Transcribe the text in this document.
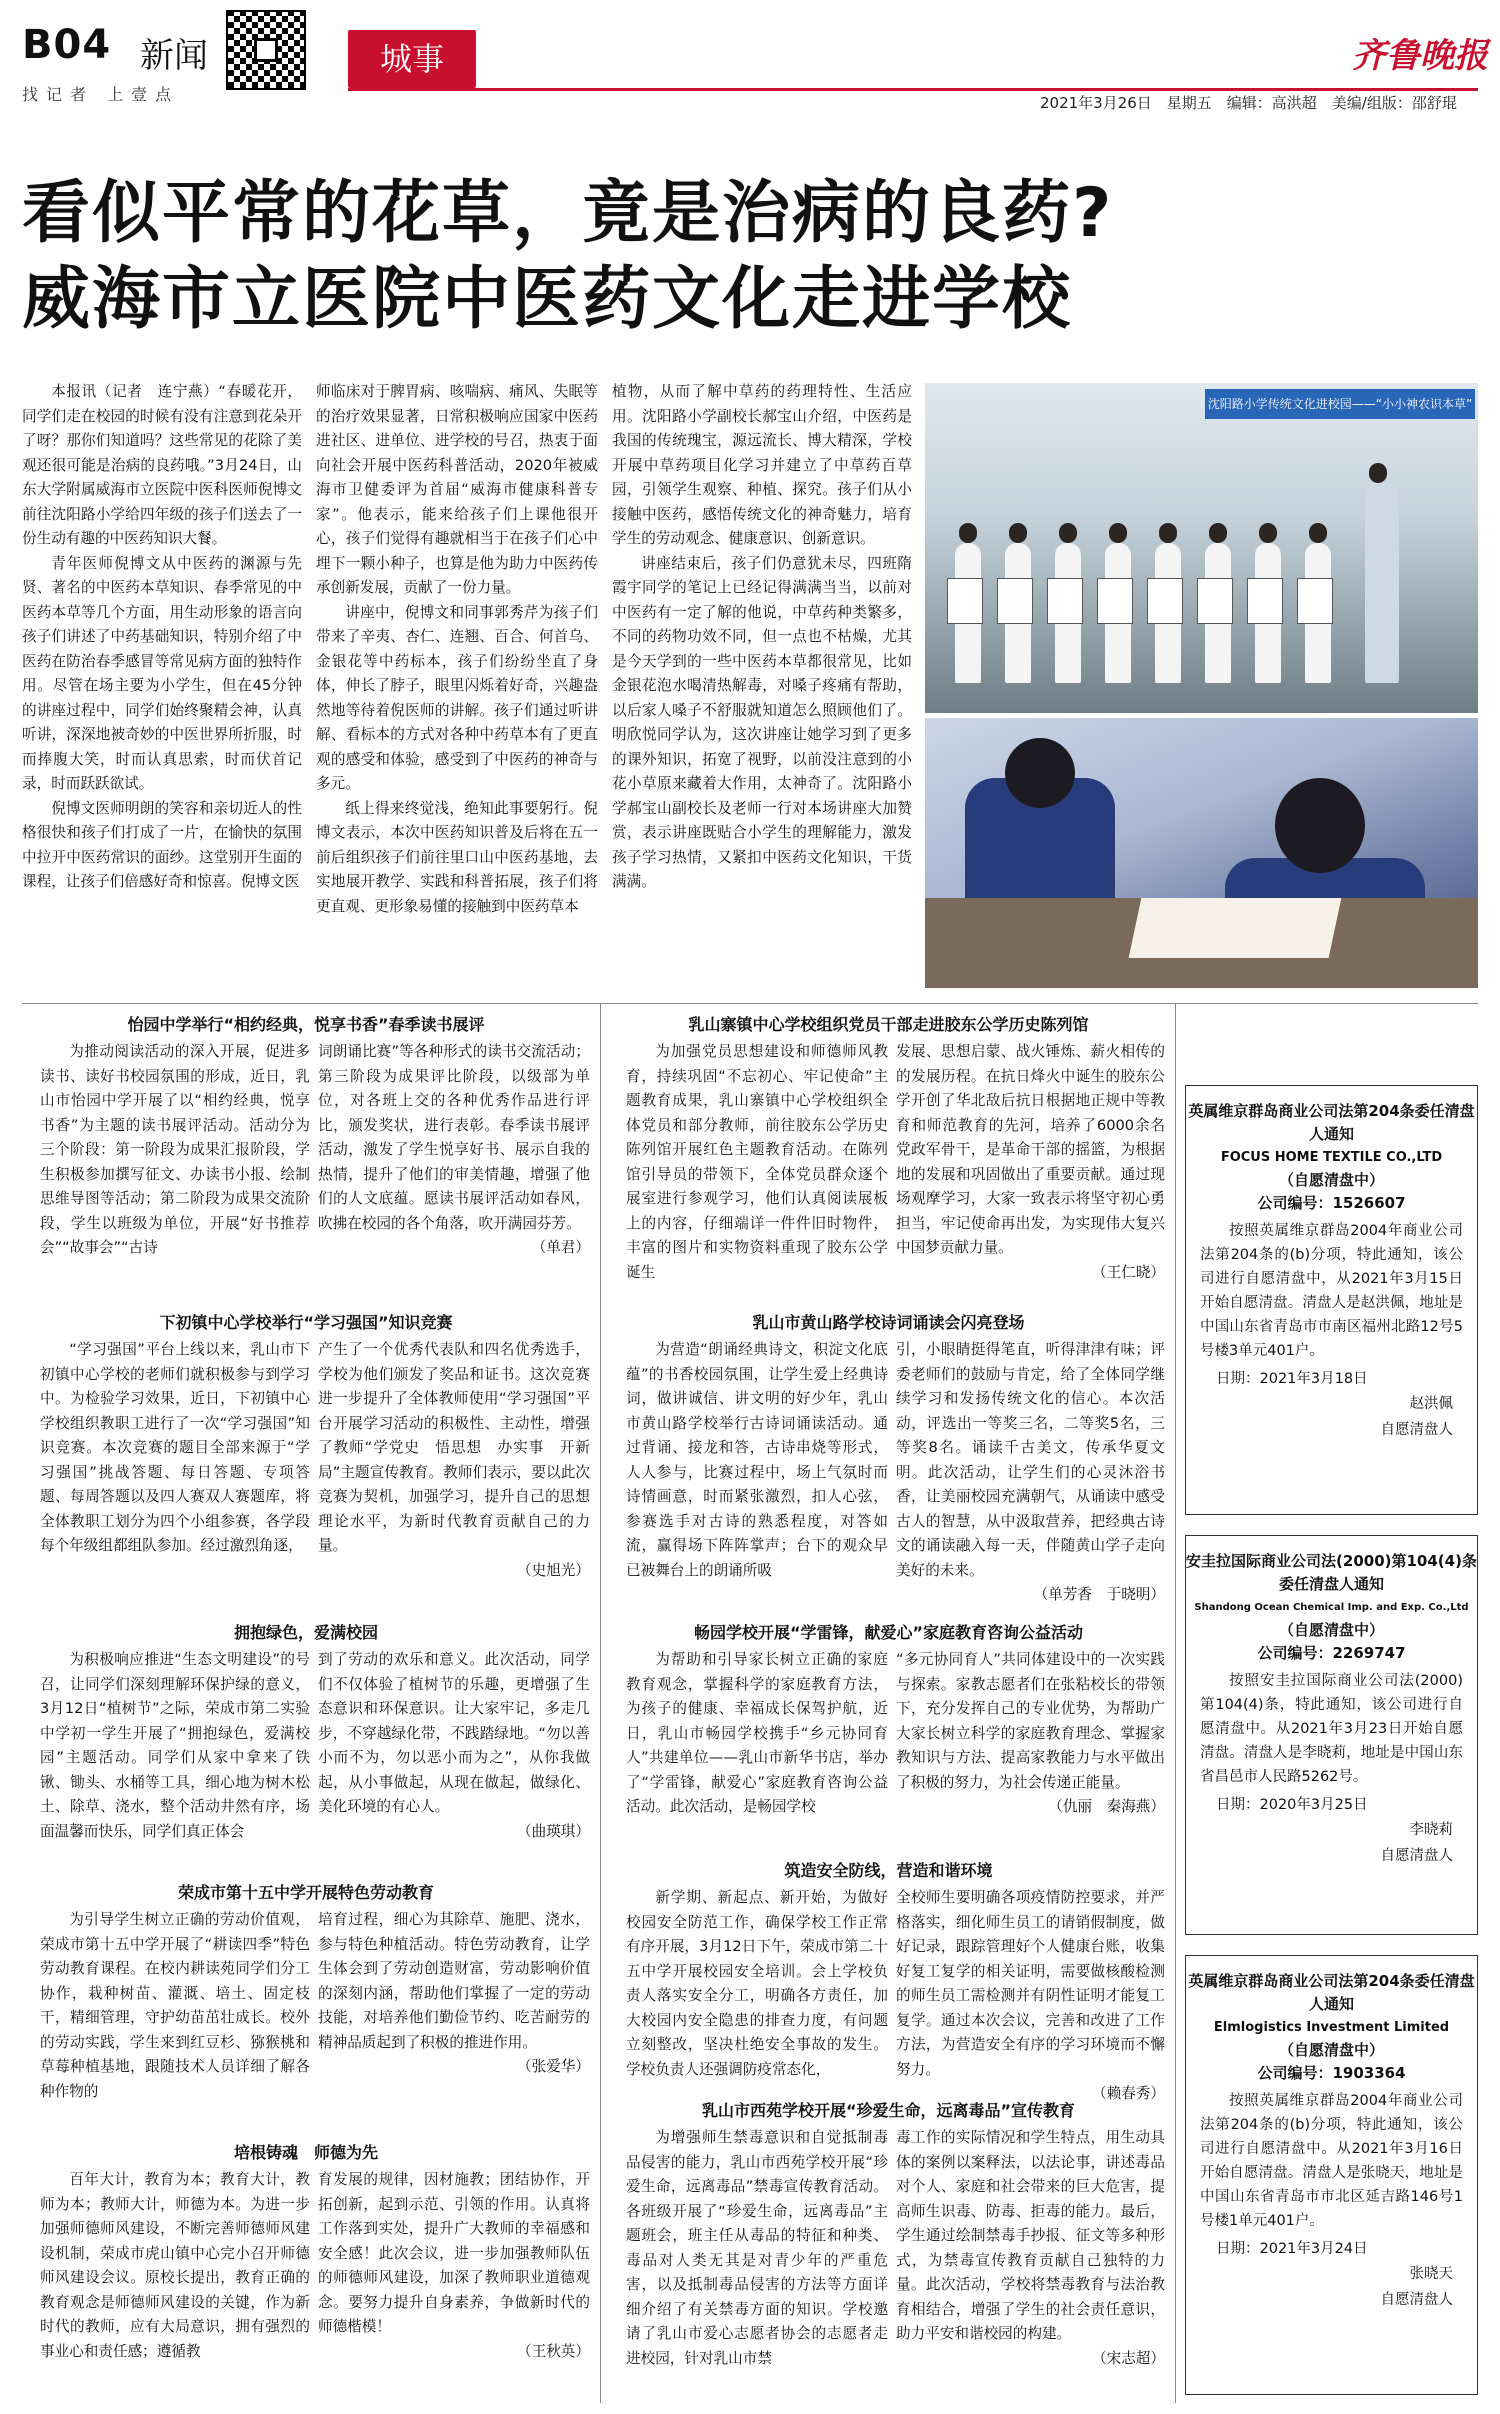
B04 新闻
找记者 上壹点
城事	齐鲁晚报
2021年3月26日　星期五　编辑：高洪超　美编/组版：邵舒琨
看似平常的花草，竟是治病的良药?
威海市立医院中医药文化走进学校

本报讯（记者　连宁燕）“春暖花开，同学们走在校园的时候有没有注意到花朵开了呀？那你们知道吗？这些常见的花除了美观还很可能是治病的良药哦。”3月24日，山东大学附属威海市立医院中医科医师倪博文前往沈阳路小学给四年级的孩子们送去了一份生动有趣的中医药知识大餐。

青年医师倪博文从中医药的渊源与先贤、著名的中医药本草知识、春季常见的中医药本草等几个方面，用生动形象的语言向孩子们讲述了中药基础知识，特别介绍了中医药在防治春季感冒等常见病方面的独特作用。尽管在场主要为小学生，但在45分钟的讲座过程中，同学们始终聚精会神，认真听讲，深深地被奇妙的中医世界所折服，时而捧腹大笑，时而认真思索，时而伏首记录，时而跃跃欲试。

倪博文医师明朗的笑容和亲切近人的性格很快和孩子们打成了一片，在愉快的氛围中拉开中医药常识的面纱。这堂别开生面的课程，让孩子们倍感好奇和惊喜。倪博文医

师临床对于脾胃病、咳喘病、痛风、失眠等的治疗效果显著，日常积极响应国家中医药进社区、进单位、进学校的号召，热衷于面向社会开展中医药科普活动，2020年被威海市卫健委评为首届“威海市健康科普专家”。他表示，能来给孩子们上课他很开心，孩子们觉得有趣就相当于在孩子们心中埋下一颗小种子，也算是他为助力中医药传承创新发展，贡献了一份力量。

讲座中，倪博文和同事郭秀芹为孩子们带来了辛夷、杏仁、连翘、百合、何首乌、金银花等中药标本，孩子们纷纷坐直了身体，伸长了脖子，眼里闪烁着好奇，兴趣盎然地等待着倪医师的讲解。孩子们通过听讲解、看标本的方式对各种中药草本有了更直观的感受和体验，感受到了中医药的神奇与多元。

纸上得来终觉浅，绝知此事要躬行。倪博文表示，本次中医药知识普及后将在五一前后组织孩子们前往里口山中医药基地，去实地展开教学、实践和科普拓展，孩子们将更直观、更形象易懂的接触到中医药草本

植物，从而了解中草药的药理特性、生活应用。沈阳路小学副校长郝宝山介绍，中医药是我国的传统瑰宝，源远流长、博大精深，学校开展中草药项目化学习并建立了中草药百草园，引领学生观察、种植、探究。孩子们从小接触中医药，感悟传统文化的神奇魅力，培育学生的劳动观念、健康意识、创新意识。

讲座结束后，孩子们仍意犹未尽，四班隋霞宇同学的笔记上已经记得满满当当，以前对中医药有一定了解的他说，中草药种类繁多，不同的药物功效不同，但一点也不枯燥，尤其是今天学到的一些中医药本草都很常见，比如金银花泡水喝清热解毒，对嗓子疼痛有帮助，以后家人嗓子不舒服就知道怎么照顾他们了。明欣悦同学认为，这次讲座让她学习到了更多的课外知识，拓宽了视野，以前没注意到的小花小草原来藏着大作用，太神奇了。沈阳路小学郝宝山副校长及老师一行对本场讲座大加赞赏，表示讲座既贴合小学生的理解能力，激发孩子学习热情，又紧扣中医药文化知识，干货满满。

沈阳路小学传统文化进校园——“小小神农识本草”
怡园中学举行“相约经典，悦享书香”春季读书展评

为推动阅读活动的深入开展，促进多读书、读好书校园氛围的形成，近日，乳山市怡园中学开展了以“相约经典，悦享书香”为主题的读书展评活动。活动分为三个阶段：第一阶段为成果汇报阶段，学生积极参加撰写征文、办读书小报、绘制思维导图等活动；第二阶段为成果交流阶段，学生以班级为单位，开展“好书推荐会”“故事会”“古诗

词朗诵比赛”等各种形式的读书交流活动；第三阶段为成果评比阶段，以级部为单位，对各班上交的各种优秀作品进行评比，颁发奖状，进行表彰。春季读书展评活动，激发了学生悦享好书、展示自我的热情，提升了他们的审美情趣，增强了他们的人文底蕴。愿读书展评活动如春风，吹拂在校园的各个角落，吹开满园芬芳。

（单君）
下初镇中心学校举行“学习强国”知识竞赛

“学习强国”平台上线以来，乳山市下初镇中心学校的老师们就积极参与到学习中。为检验学习效果，近日，下初镇中心学校组织教职工进行了一次“学习强国”知识竞赛。本次竞赛的题目全部来源于“学习强国”挑战答题、每日答题、专项答题、每周答题以及四人赛双人赛题库，将全体教职工划分为四个小组参赛，各学段每个年级组都组队参加。经过激烈角逐，

产生了一个优秀代表队和四名优秀选手，学校为他们颁发了奖品和证书。这次竞赛进一步提升了全体教师使用“学习强国”平台开展学习活动的积极性、主动性，增强了教师“学党史　悟思想　办实事　开新局”主题宣传教育。教师们表示，要以此次竞赛为契机，加强学习，提升自己的思想理论水平，为新时代教育贡献自己的力量。

（史旭光）
拥抱绿色，爱满校园

为积极响应推进“生态文明建设”的号召，让同学们深刻理解环保护绿的意义，3月12日“植树节”之际，荣成市第二实验中学初一学生开展了“拥抱绿色，爱满校园”主题活动。同学们从家中拿来了铁锹、锄头、水桶等工具，细心地为树木松土、除草、浇水，整个活动井然有序，场面温馨而快乐，同学们真正体会

到了劳动的欢乐和意义。此次活动，同学们不仅体验了植树节的乐趣，更增强了生态意识和环保意识。让大家牢记，多走几步，不穿越绿化带，不践踏绿地。“勿以善小而不为，勿以恶小而为之”，从你我做起，从小事做起，从现在做起，做绿化、美化环境的有心人。

（曲瑛琪）
荣成市第十五中学开展特色劳动教育

为引导学生树立正确的劳动价值观，荣成市第十五中学开展了“耕读四季”特色劳动教育课程。在校内耕读苑同学们分工协作，栽种树苗、灌溉、培土、固定枝干，精细管理，守护幼苗茁壮成长。校外的劳动实践，学生来到红豆杉、猕猴桃和草莓种植基地，跟随技术人员详细了解各种作物的

培育过程，细心为其除草、施肥、浇水，参与特色种植活动。特色劳动教育，让学生体会到了劳动创造财富，劳动影响价值的深刻内涵，帮助他们掌握了一定的劳动技能，对培养他们勤俭节约、吃苦耐劳的精神品质起到了积极的推进作用。

（张爱华）
培根铸魂　师德为先

百年大计，教育为本；教育大计，教师为本；教师大计，师德为本。为进一步加强师德师风建设，不断完善师德师风建设机制，荣成市虎山镇中心完小召开师德师风建设会议。原校长提出，教育正确的教育观念是师德师风建设的关键，作为新时代的教师，应有大局意识，拥有强烈的事业心和责任感；遵循教

育发展的规律，因材施教；团结协作，开拓创新，起到示范、引领的作用。认真将工作落到实处，提升广大教师的幸福感和安全感！此次会议，进一步加强教师队伍的师德师风建设，加深了教师职业道德观念。要努力提升自身素养，争做新时代的师德楷模！

（王秋英）
乳山寨镇中心学校组织党员干部走进胶东公学历史陈列馆

为加强党员思想建设和师德师风教育，持续巩固“不忘初心、牢记使命”主题教育成果，乳山寨镇中心学校组织全体党员和部分教师，前往胶东公学历史陈列馆开展红色主题教育活动。在陈列馆引导员的带领下，全体党员群众逐个展室进行参观学习，他们认真阅读展板上的内容，仔细端详一件件旧时物件，丰富的图片和实物资料重现了胶东公学诞生

发展、思想启蒙、战火锤炼、薪火相传的的发展历程。在抗日烽火中诞生的胶东公学开创了华北敌后抗日根据地正规中等教育和师范教育的先河，培养了6000余名党政军骨干，是革命干部的摇篮，为根据地的发展和巩固做出了重要贡献。通过现场观摩学习，大家一致表示将坚守初心勇担当，牢记使命再出发，为实现伟大复兴中国梦贡献力量。

（王仁晓）
乳山市黄山路学校诗词诵读会闪亮登场

为营造“朗诵经典诗文，积淀文化底蕴”的书香校园氛围，让学生爱上经典诗词，做讲诚信、讲文明的好少年，乳山市黄山路学校举行古诗词诵读活动。通过背诵、接龙和答，古诗串烧等形式，人人参与，比赛过程中，场上气氛时而诗情画意，时而紧张激烈，扣人心弦，参赛选手对古诗的熟悉程度，对答如流，赢得场下阵阵掌声；台下的观众早已被舞台上的朗诵所吸

引，小眼睛挺得笔直，听得津津有味；评委老师们的鼓励与肯定，给了全体同学继续学习和发扬传统文化的信心。本次活动，评选出一等奖三名，二等奖5名，三等奖8名。诵读千古美文，传承华夏文明。此次活动，让学生们的心灵沐浴书香，让美丽校园充满朝气，从诵读中感受古人的智慧，从中汲取营养，把经典古诗文的诵读融入每一天，伴随黄山学子走向美好的未来。

（单芳香　于晓明）
畅园学校开展“学雷锋，献爱心”家庭教育咨询公益活动

为帮助和引导家长树立正确的家庭教育观念，掌握科学的家庭教育方法，为孩子的健康、幸福成长保驾护航，近日，乳山市畅园学校携手“乡元协同育人”共建单位——乳山市新华书店，举办了“学雷锋，献爱心”家庭教育咨询公益活动。此次活动，是畅园学校

“多元协同育人”共同体建设中的一次实践与探索。家教志愿者们在张粘校长的带领下，充分发挥自己的专业优势，为帮助广大家长树立科学的家庭教育理念、掌握家教知识与方法、提高家教能力与水平做出了积极的努力，为社会传递正能量。

（仇丽　秦海燕）
筑造安全防线，营造和谐环境

新学期、新起点、新开始，为做好校园安全防范工作，确保学校工作正常有序开展，3月12日下午，荣成市第二十五中学开展校园安全培训。会上学校负责人落实安全分工，明确各方责任，加大校园内安全隐患的排查力度，有问题立刻整改，坚决杜绝安全事故的发生。学校负责人还强调防疫常态化，

全校师生要明确各项疫情防控要求，并严格落实，细化师生员工的请销假制度，做好记录，跟踪管理好个人健康台账，收集好复工复学的相关证明，需要做核酸检测的师生员工需检测并有阴性证明才能复工复学。通过本次会议，完善和改进了工作方法，为营造安全有序的学习环境而不懈努力。

（赖春秀）
乳山市西苑学校开展“珍爱生命，远离毒品”宣传教育

为增强师生禁毒意识和自觉抵制毒品侵害的能力，乳山市西苑学校开展“珍爱生命，远离毒品”禁毒宣传教育活动。各班级开展了“珍爱生命，远离毒品”主题班会，班主任从毒品的特征和种类、毒品对人类无其是对青少年的严重危害，以及抵制毒品侵害的方法等方面详细介绍了有关禁毒方面的知识。学校邀请了乳山市爱心志愿者协会的志愿者走进校园，针对乳山市禁

毒工作的实际情况和学生特点，用生动具体的案例以案释法，以法论事，讲述毒品对个人、家庭和社会带来的巨大危害，提高师生识毒、防毒、拒毒的能力。最后，学生通过绘制禁毒手抄报、征文等多种形式，为禁毒宣传教育贡献自己独特的力量。此次活动，学校将禁毒教育与法治教育相结合，增强了学生的社会责任意识，助力平安和谐校园的构建。

（宋志超）
英属维京群岛商业公司法第204条委任清盘人通知
FOCUS HOME TEXTILE CO.,LTD
（自愿清盘中）
公司编号：1526607
按照英属维京群岛2004年商业公司法第204条的(b)分项，特此通知，该公司进行自愿清盘中，从2021年3月15日开始自愿清盘。清盘人是赵洪佩，地址是中国山东省青岛市市南区福州北路12号5号楼3单元401户。
日期：2021年3月18日
赵洪佩
自愿清盘人
安圭拉国际商业公司法(2000)第104(4)条委任清盘人通知
Shandong Ocean Chemical Imp. and Exp. Co.,Ltd
（自愿清盘中）
公司编号：2269747
按照安圭拉国际商业公司法(2000)第104(4)条，特此通知，该公司进行自愿清盘中。从2021年3月23日开始自愿清盘。清盘人是李晓莉，地址是中国山东省昌邑市人民路5262号。
日期：2020年3月25日
李晓莉
自愿清盘人
英属维京群岛商业公司法第204条委任清盘人通知
Elmlogistics Investment Limited
（自愿清盘中）
公司编号：1903364
按照英属维京群岛2004年商业公司法第204条的(b)分项，特此通知，该公司进行自愿清盘中。从2021年3月16日开始自愿清盘。清盘人是张晓天，地址是中国山东省青岛市市北区延吉路146号1号楼1单元401户。
日期：2021年3月24日
张晓天
自愿清盘人
